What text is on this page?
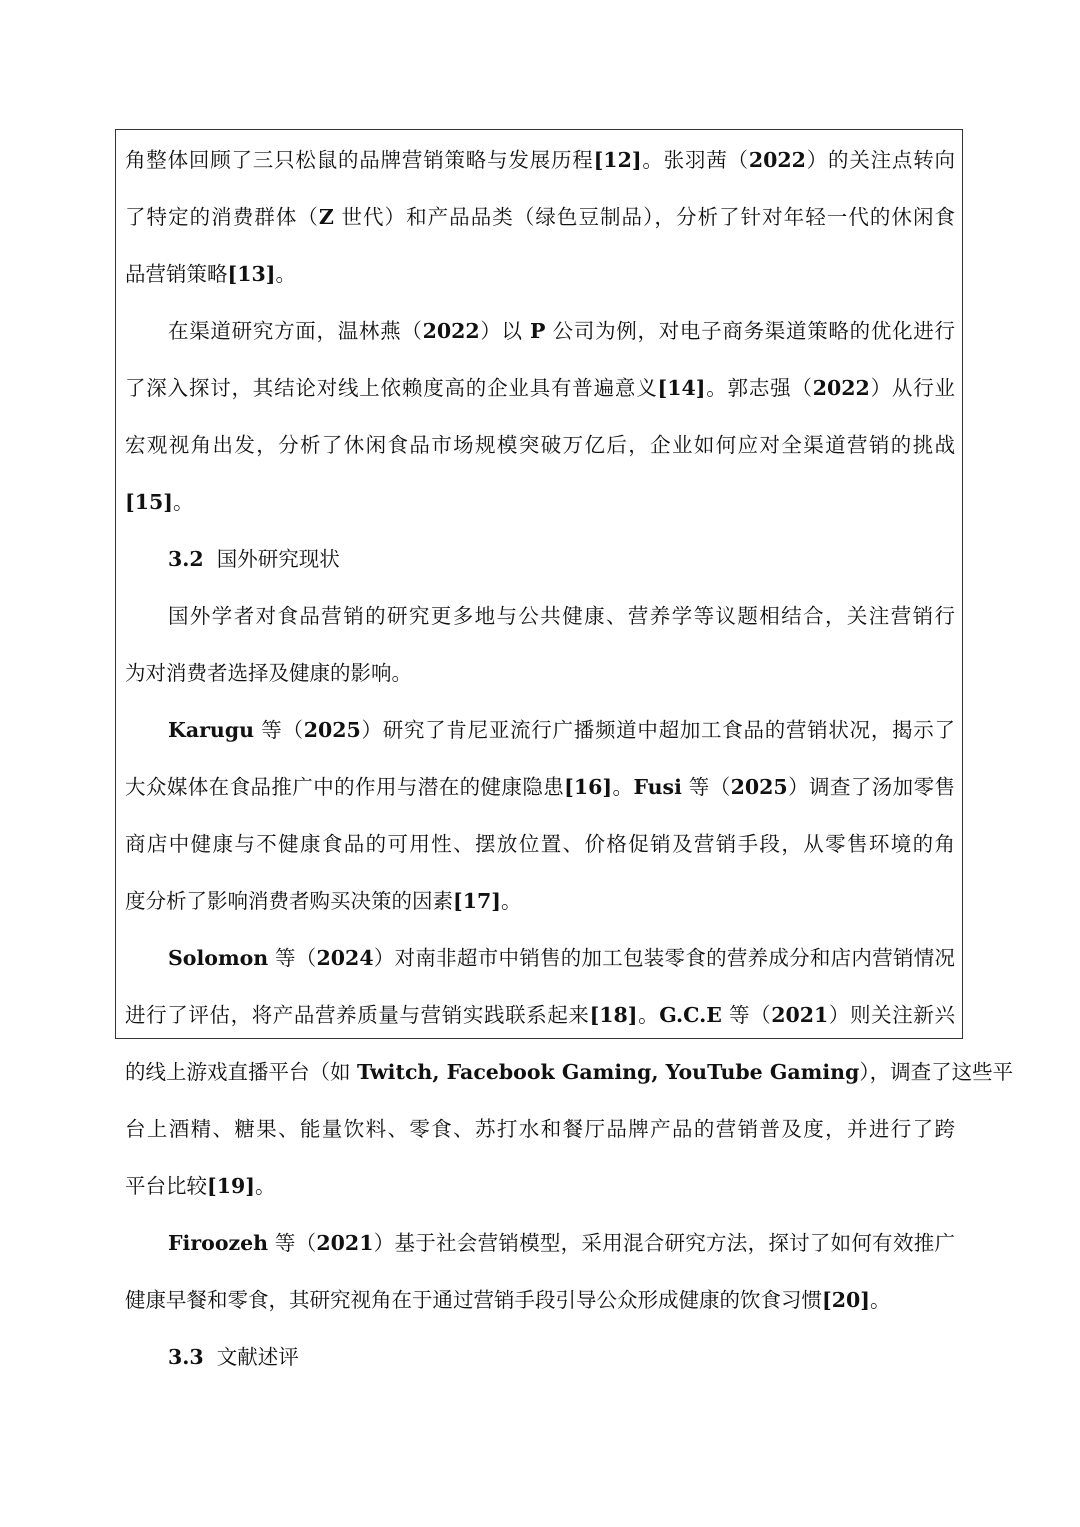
角整体回顾了三只松鼠的品牌营销策略与发展历程[12]。张羽茜（2022）的关注点转向
了特定的消费群体（Z 世代）和产品品类（绿色豆制品），分析了针对年轻一代的休闲食
品营销策略[13]。
在渠道研究方面，温林燕（2022）以 P 公司为例，对电子商务渠道策略的优化进行
了深入探讨，其结论对线上依赖度高的企业具有普遍意义[14]。郭志强（2022）从行业
宏观视角出发，分析了休闲食品市场规模突破万亿后，企业如何应对全渠道营销的挑战
[15]。
3.2 国外研究现状
国外学者对食品营销的研究更多地与公共健康、营养学等议题相结合，关注营销行
为对消费者选择及健康的影响。
Karugu 等（2025）研究了肯尼亚流行广播频道中超加工食品的营销状况，揭示了
大众媒体在食品推广中的作用与潜在的健康隐患[16]。Fusi 等（2025）调查了汤加零售
商店中健康与不健康食品的可用性、摆放位置、价格促销及营销手段，从零售环境的角
度分析了影响消费者购买决策的因素[17]。
Solomon 等（2024）对南非超市中销售的加工包装零食的营养成分和店内营销情况
进行了评估，将产品营养质量与营销实践联系起来[18]。G.C.E 等（2021）则关注新兴
的线上游戏直播平台（如 Twitch, Facebook Gaming, YouTube Gaming），调查了这些平
台上酒精、糖果、能量饮料、零食、苏打水和餐厅品牌产品的营销普及度，并进行了跨
平台比较[19]。
Firoozeh 等（2021）基于社会营销模型，采用混合研究方法，探讨了如何有效推广
健康早餐和零食，其研究视角在于通过营销手段引导公众形成健康的饮食习惯[20]。
3.3 文献述评
